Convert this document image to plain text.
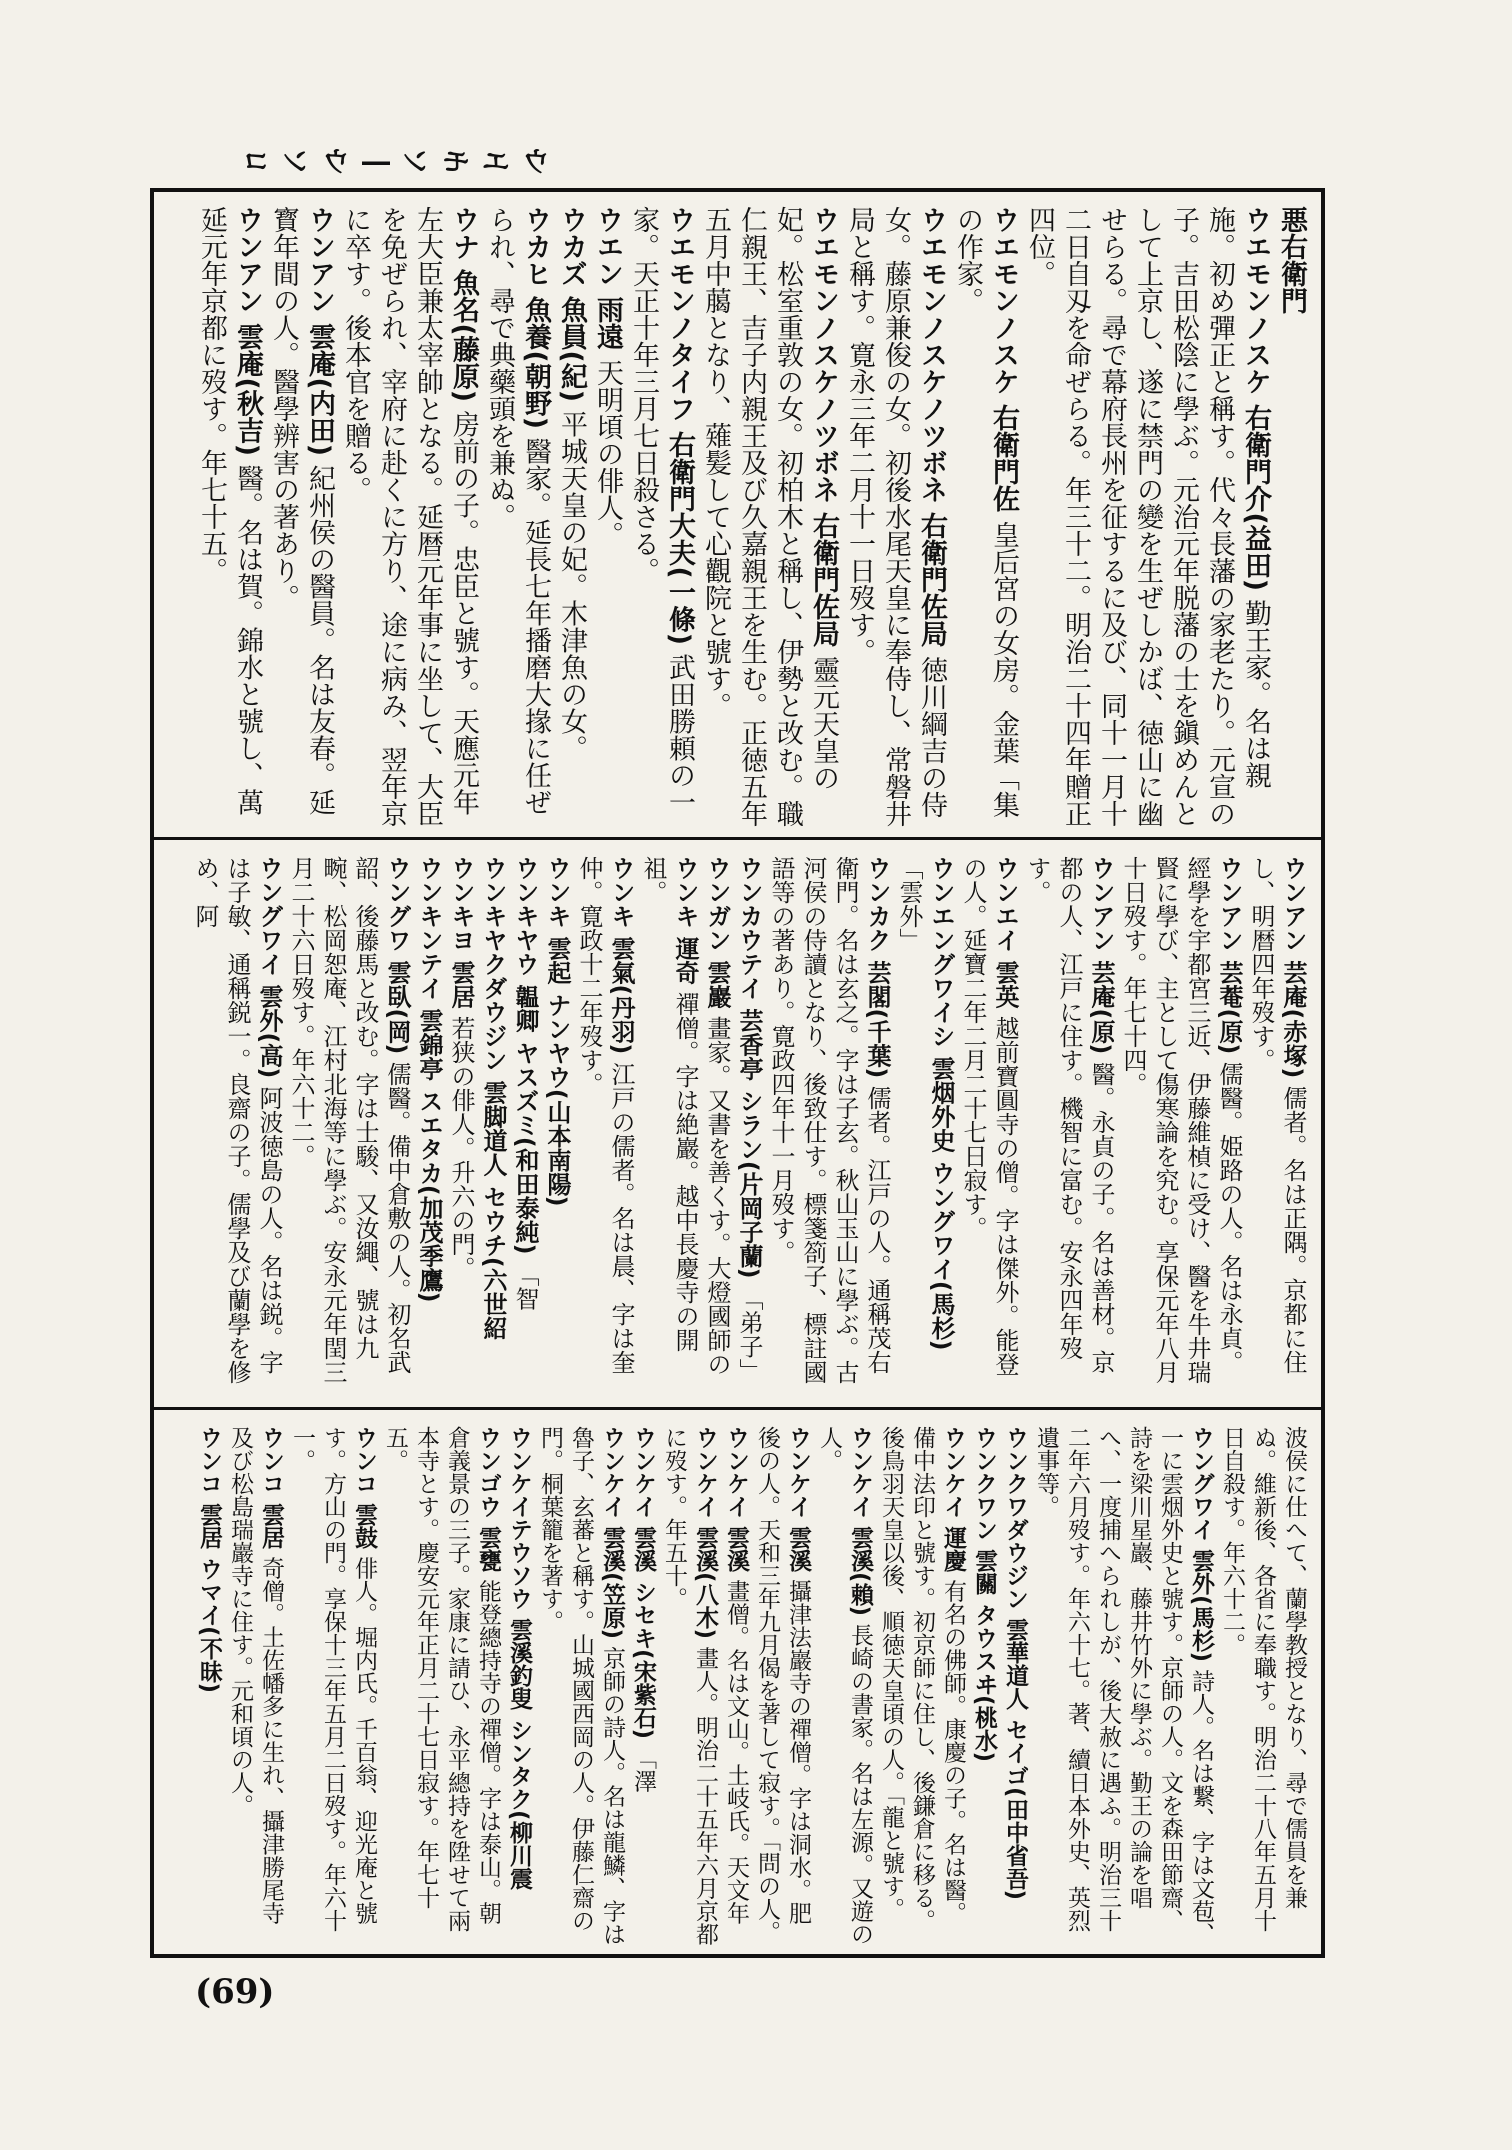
ウエモン―ウンコ
悪右衛門
ウエモンノスケ 右衛門介(益田) 勤王家。名は親施。初め彈正と稱す。代々長藩の家老たり。元宣の子。吉田松陰に學ぶ。元治元年脱藩の士を鎭めんとして上京し、遂に禁門の變を生ぜしかば、徳山に幽せらる。尋で幕府長州を征するに及び、同十一月十二日自刄を命ぜらる。年三十二。明治二十四年贈正四位。
ウエモンノスケ 右衛門佐 皇后宮の女房。金葉「集の作家。
ウエモンノスケノツボネ 右衛門佐局 徳川綱吉の侍女。藤原兼俊の女。初後水尾天皇に奉侍し、常磐井局と稱す。寛永三年二月十一日歿す。
ウエモンノスケノツボネ 右衛門佐局 靈元天皇の妃。松室重敦の女。初柏木と稱し、伊勢と改む。職仁親王、吉子内親王及び久嘉親王を生む。正徳五年五月中﨟となり、薙髪して心觀院と號す。
ウエモンノタイフ 右衛門大夫(一條) 武田勝頼の一家。天正十年三月七日殺さる。
ウエン 雨遠 天明頃の俳人。
ウカズ 魚員(紀) 平城天皇の妃。木津魚の女。
ウカヒ 魚養(朝野) 醫家。延長七年播磨大掾に任ぜられ、尋で典藥頭を兼ぬ。
ウナ 魚名(藤原) 房前の子。忠臣と號す。天應元年左大臣兼太宰帥となる。延暦元年事に坐して、大臣を免ぜられ、宰府に赴くに方り、途に病み、翌年京に卒す。後本官を贈る。
ウンアン 雲庵(内田) 紀州侯の醫員。名は友春。延寳年間の人。醫學辨害の著あり。
ウンアン 雲庵(秋吉) 醫。名は賀。錦水と號し、萬延元年京都に歿す。年七十五。
ウンアン 芸庵(赤塚) 儒者。名は正隅。京都に住し、明暦四年歿す。
ウンアン 芸菴(原) 儒醫。姫路の人。名は永貞。經學を宇都宮三近、伊藤維楨に受け、醫を牛井瑞賢に學び、主として傷寒論を究む。享保元年八月十日歿す。年七十四。
ウンアン 芸庵(原) 醫。永貞の子。名は善材。京都の人、江戸に住す。機智に富む。安永四年歿す。
ウンエイ 雲英 越前寶圓寺の僧。字は傑外。能登の人。延寶二年二月二十七日寂す。
ウンエングワイシ 雲烟外史 ウングワイ(馬杉) 「雲外」
ウンカク 芸閣(千葉) 儒者。江戸の人。通稱茂右衛門。名は玄之。字は子玄。秋山玉山に學ぶ。古河侯の侍讀となり、後致仕す。標箋箚子、標註國語等の著あり。寛政四年十一月歿す。
ウンカウテイ 芸香亭 シラン(片岡子蘭) 「弟子」
ウンガン 雲巖 畫家。又書を善くす。大燈國師の
ウンキ 運奇 禪僧。字は絶巖。越中長慶寺の開祖。
ウンキ 雲氣(丹羽) 江戸の儒者。名は晨、字は奎仲。寛政十二年歿す。
ウンキ 雲起 ナンヤウ(山本南陽)
ウンキヤウ 韞卿 ヤスズミ(和田泰純) 「智
ウンキヤクダウジン 雲脚道人 セウチ(六世紹
ウンキヨ 雲居 若狭の俳人。升六の門。
ウンキンテイ 雲錦亭 スエタカ(加茂季鷹)
ウングワ 雲臥(岡) 儒醫。備中倉敷の人。初名武韶、後藤馬と改む。字は士駿、又汝繩、號は九畹、松岡恕庵、江村北海等に學ぶ。安永元年閏三月二十六日歿す。年六十二。
ウングワイ 雲外(高) 阿波徳島の人。名は鋭。字は子敏、通稱鋭一。良齋の子。儒學及び蘭學を修め、阿
波侯に仕へて、蘭學教授となり、尋で儒員を兼ぬ。維新後、各省に奉職す。明治二十八年五月十日自殺す。年六十二。
ウングワイ 雲外(馬杉) 詩人。名は繋、字は文苞、一に雲烟外史と號す。京師の人。文を森田節齋、詩を梁川星巖、藤井竹外に學ぶ。勤王の論を唱へ、一度捕へられしが、後大赦に遇ふ。明治三十二年六月歿す。年六十七。著、續日本外史、英烈遺事等。
ウンクワダウジン 雲華道人 セイゴ(田中省吾)
ウンクワン 雲關 タウスヰ(桃水)
ウンケイ 運慶 有名の佛師。康慶の子。名は醫。備中法印と號す。初京師に住し、後鎌倉に移る。後鳥羽天皇以後、順徳天皇頃の人。「龍と號す。
ウンケイ 雲溪(賴) 長崎の書家。名は左源。又遊の人。
ウンケイ 雲溪 攝津法巖寺の禪僧。字は洞水。肥後の人。天和三年九月偈を著して寂す。「問の人。
ウンケイ 雲溪 畫僧。名は文山。土岐氏。天文年
ウンケイ 雲溪(八木) 畫人。明治二十五年六月京都に歿す。年五十。
ウンケイ 雲溪 シセキ(宋紫石) 「澤
ウンケイ 雲溪(笠原) 京師の詩人。名は龍鱗、字は魯子、玄蕃と稱す。山城國西岡の人。伊藤仁齋の門。桐葉籠を著す。
ウンケイテウソウ 雲溪釣叟 シンタク(柳川震
ウンゴウ 雲甕 能登總持寺の禪僧。字は泰山。朝倉義景の三子。家康に請ひ、永平總持を陞せて兩本寺とす。慶安元年正月二十七日寂す。年七十五。
ウンコ 雲鼓 俳人。堀内氏。千百翁、迎光庵と號す。方山の門。享保十三年五月二日歿す。年六十一。
ウンコ 雲居 奇僧。土佐幡多に生れ、攝津勝尾寺及び松島瑞巖寺に住す。元和頃の人。
ウンコ 雲居 ウマイ(不昧)
(69)
